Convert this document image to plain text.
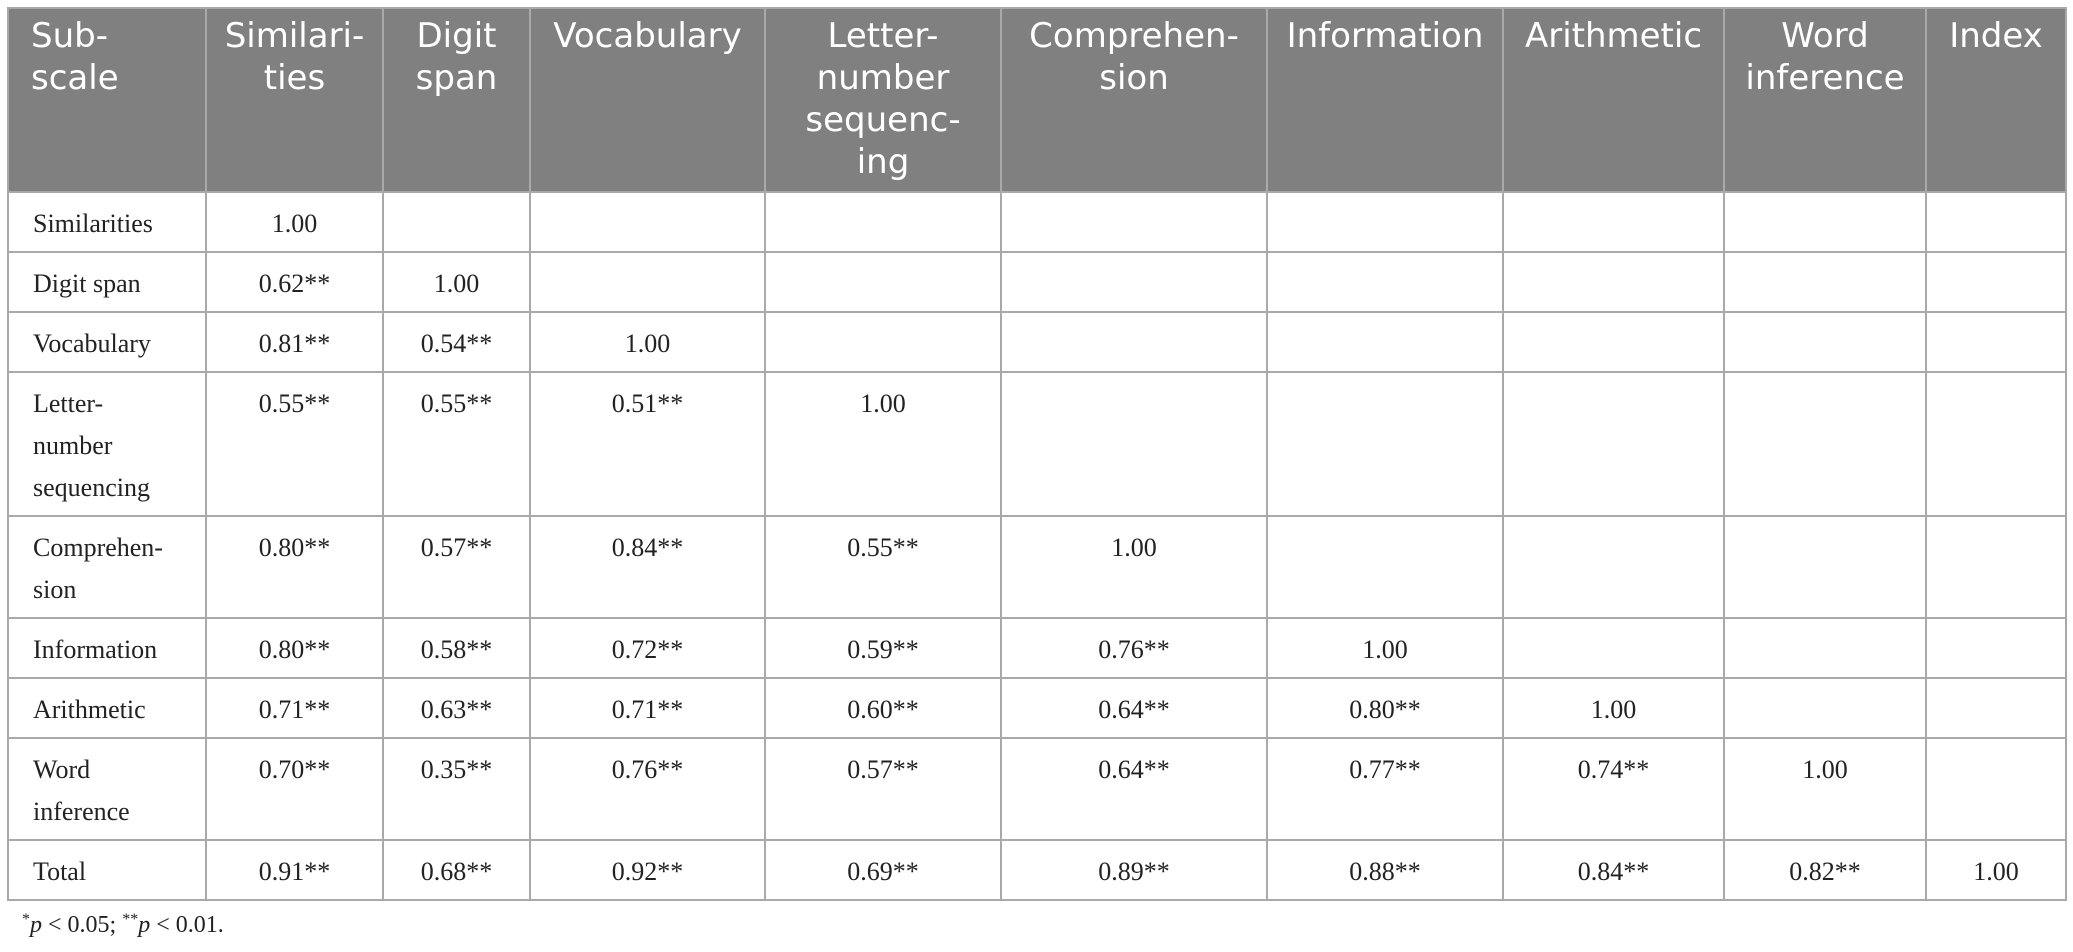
Sub-
scale	Similari-
ties	Digit
span	Vocabulary	Letter-
number
sequenc-
ing	Comprehen-
sion	Information	Arithmetic	Word
inference	Index
Similarities	1.00								
Digit span	0.62**	1.00							
Vocabulary	0.81**	0.54**	1.00						
Letter-
number
sequencing	0.55**	0.55**	0.51**	1.00					
Comprehen-
sion	0.80**	0.57**	0.84**	0.55**	1.00				
Information	0.80**	0.58**	0.72**	0.59**	0.76**	1.00			
Arithmetic	0.71**	0.63**	0.71**	0.60**	0.64**	0.80**	1.00		
Word
inference	0.70**	0.35**	0.76**	0.57**	0.64**	0.77**	0.74**	1.00	
Total	0.91**	0.68**	0.92**	0.69**	0.89**	0.88**	0.84**	0.82**	1.00
*p < 0.05; **p < 0.01.
